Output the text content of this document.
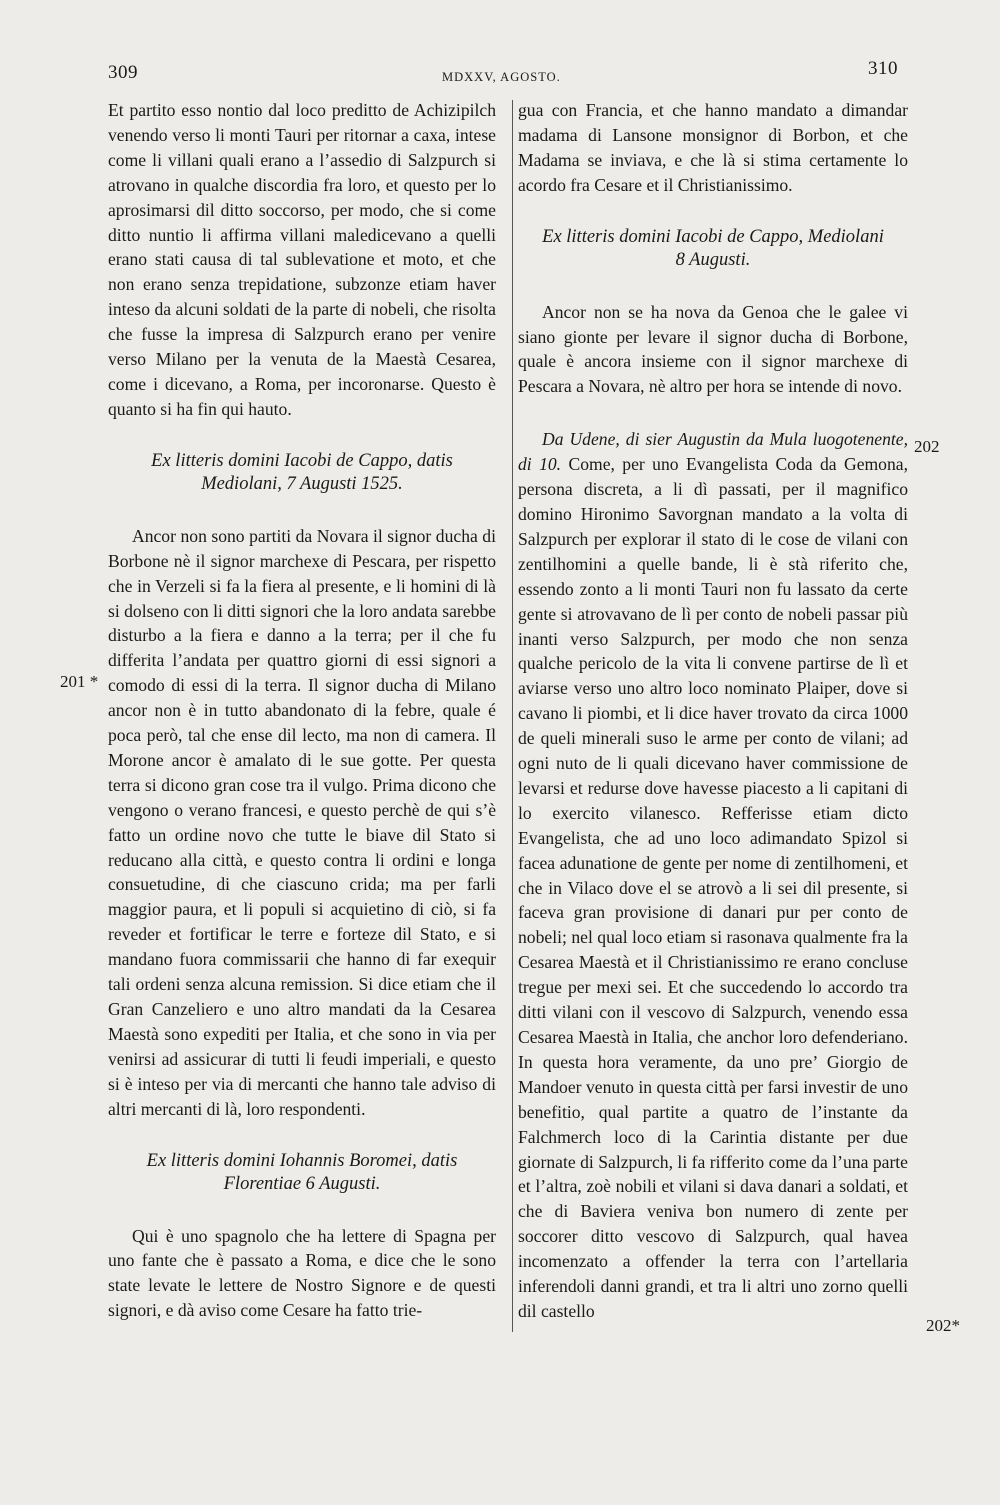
309	MDXXV, AGOSTO.	310
201 *
202
202*

Et partito esso nontio dal loco preditto de Achizipilch venendo verso li monti Tauri per ritornar a caxa, intese come li villani quali erano a l’assedio di Salzpurch si atrovano in qualche discordia fra loro, et questo per lo aprosimarsi dil ditto soccorso, per modo, che si come ditto nuntio li affirma villani maledicevano a quelli erano stati causa di tal sublevatione et moto, et che non erano senza trepidatione, subzonze etiam haver inteso da alcuni soldati de la parte di nobeli, che risolta che fusse la impresa di Salzpurch erano per venire verso Milano per la venuta de la Maestà Cesarea, come i dicevano, a Roma, per incoronarse. Questo è quanto si ha fin qui hauto.

Ex litteris domini Iacobi de Cappo, datis
Mediolani, 7 Augusti 1525.

Ancor non sono partiti da Novara il signor ducha di Borbone nè il signor marchexe di Pescara, per rispetto che in Verzeli si fa la fiera al presente, e li homini di là si dolseno con li ditti signori che la loro andata sarebbe disturbo a la fiera e danno a la terra; per il che fu differita l’andata per quattro giorni di essi signori a comodo di essi di la terra. Il signor ducha di Milano ancor non è in tutto abandonato di la febre, quale é poca però, tal che ense dil lecto, ma non di camera. Il Morone ancor è amalato di le sue gotte. Per questa terra si dicono gran cose tra il vulgo. Prima dicono che vengono o verano francesi, e questo perchè de qui s’è fatto un ordine novo che tutte le biave dil Stato si reducano alla città, e questo contra li ordini e longa consuetudine, di che ciascuno crida; ma per farli maggior paura, et li populi si acquietino di ciò, si fa reveder et fortificar le terre e forteze dil Stato, e si mandano fuora commissarii che hanno di far exequir tali ordeni senza alcuna remission. Si dice etiam che il Gran Canzeliero e uno altro mandati da la Cesarea Maestà sono expediti per Italia, et che sono in via per venirsi ad assicurar di tutti li feudi imperiali, e questo si è inteso per via di mercanti che hanno tale adviso di altri mercanti di là, loro respondenti.

Ex litteris domini Iohannis Boromei, datis
Florentiae 6 Augusti.

Qui è uno spagnolo che ha lettere di Spagna per uno fante che è passato a Roma, e dice che le sono state levate le lettere de Nostro Signore e de questi signori, e dà aviso come Cesare ha fatto trie-

gua con Francia, et che hanno mandato a dimandar madama di Lansone monsignor di Borbon, et che Madama se inviava, e che là si stima certamente lo acordo fra Cesare et il Christianissimo.

Ex litteris domini Iacobi de Cappo, Mediolani
8 Augusti.

Ancor non se ha nova da Genoa che le galee vi siano gionte per levare il signor ducha di Borbone, quale è ancora insieme con il signor marchexe di Pescara a Novara, nè altro per hora se intende di novo.

Da Udene, di sier Augustin da Mula luogotenente, di 10. Come, per uno Evangelista Coda da Gemona, persona discreta, a li dì passati, per il magnifico domino Hironimo Savorgnan mandato a la volta di Salzpurch per explorar il stato di le cose de vilani con zentilhomini a quelle bande, li è stà riferito che, essendo zonto a li monti Tauri non fu lassato da certe gente si atrovavano de lì per conto de nobeli passar più inanti verso Salzpurch, per modo che non senza qualche pericolo de la vita li convene partirse de lì et aviarse verso uno altro loco nominato Plaiper, dove si cavano li piombi, et li dice haver trovato da circa 1000 de queli minerali suso le arme per conto de vilani; ad ogni nuto de li quali dicevano haver commissione de levarsi et redurse dove havesse piacesto a li capitani di lo exercito vilanesco. Refferisse etiam dicto Evangelista, che ad uno loco adimandato Spizol si facea adunatione de gente per nome di zentilhomeni, et che in Vilaco dove el se atrovò a li sei dil presente, si faceva gran provisione di danari pur per conto de nobeli; nel qual loco etiam si rasonava qualmente fra la Cesarea Maestà et il Christianissimo re erano concluse tregue per mexi sei. Et che succedendo lo accordo tra ditti vilani con il vescovo di Salzpurch, venendo essa Cesarea Maestà in Italia, che anchor loro defenderiano. In questa hora veramente, da uno pre’ Giorgio de Mandoer venuto in questa città per farsi investir de uno benefitio, qual partite a quatro de l’instante da Falchmerch loco di la Carintia distante per due giornate di Salzpurch, li fa rifferito come da l’una parte et l’altra, zoè nobili et vilani si dava danari a soldati, et che di Baviera veniva bon numero di zente per soccorer ditto vescovo di Salzpurch, qual havea incomenzato a offender la terra con l’artellaria inferendoli danni grandi, et tra li altri uno zorno quelli dil castello
